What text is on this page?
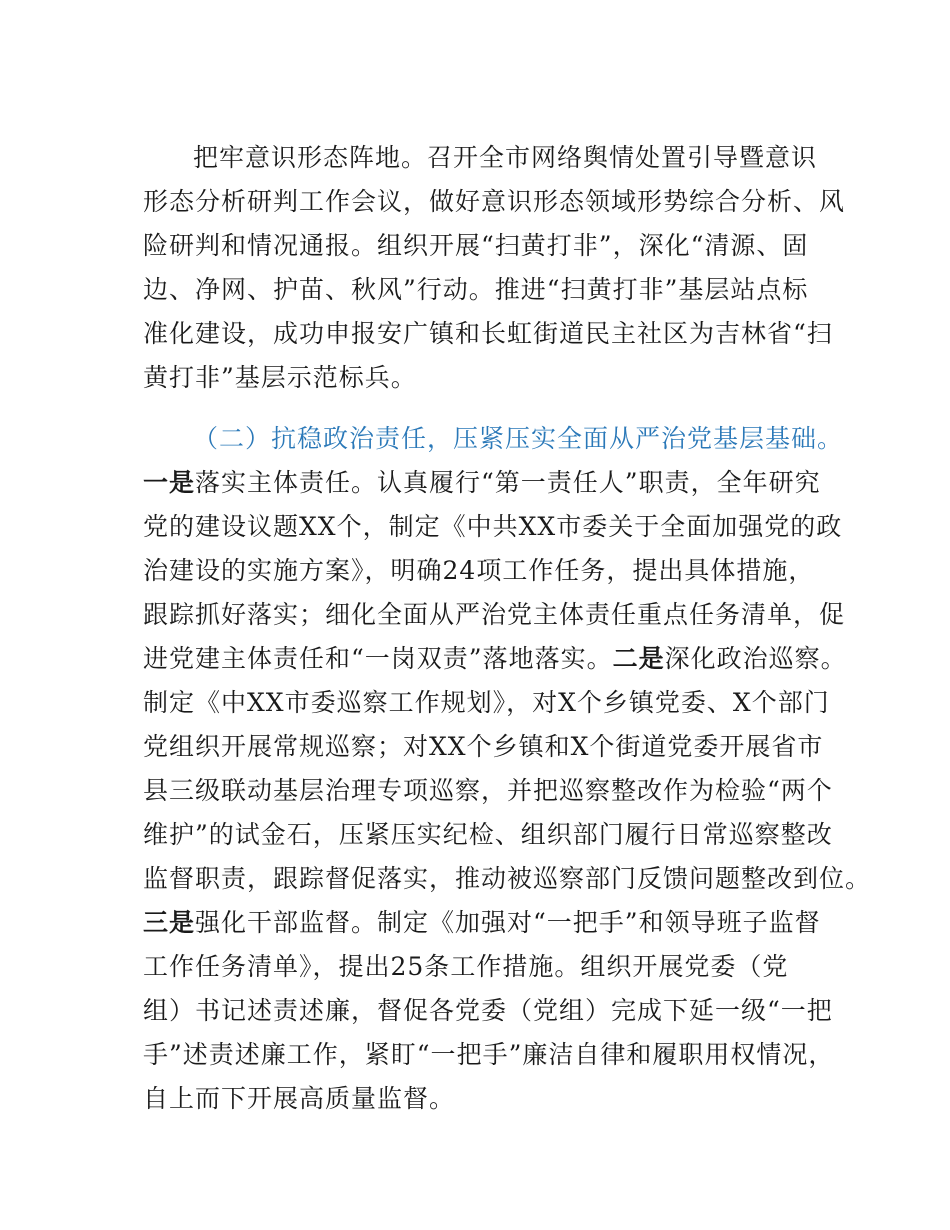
把牢意识形态阵地。召开全市网络舆情处置引导暨意识
形态分析研判工作会议，做好意识形态领域形势综合分析、风
险研判和情况通报。组织开展“扫黄打非”，深化“清源、固
边、净网、护苗、秋风”行动。推进“扫黄打非”基层站点标
准化建设，成功申报安广镇和长虹街道民主社区为吉林省“扫
黄打非”基层示范标兵。
（二）抗稳政治责任，压紧压实全面从严治党基层基础。
一是落实主体责任。认真履行“第一责任人”职责，全年研究
党的建设议题XX个，制定《中共XX市委关于全面加强党的政
治建设的实施方案》，明确24项工作任务，提出具体措施，
跟踪抓好落实；细化全面从严治党主体责任重点任务清单，促
进党建主体责任和“一岗双责”落地落实。二是深化政治巡察。
制定《中XX市委巡察工作规划》，对X个乡镇党委、X个部门
党组织开展常规巡察；对XX个乡镇和X个街道党委开展省市
县三级联动基层治理专项巡察，并把巡察整改作为检验“两个
维护”的试金石，压紧压实纪检、组织部门履行日常巡察整改
监督职责，跟踪督促落实，推动被巡察部门反馈问题整改到位。
三是强化干部监督。制定《加强对“一把手”和领导班子监督
工作任务清单》，提出25条工作措施。组织开展党委（党
组）书记述责述廉，督促各党委（党组）完成下延一级“一把
手”述责述廉工作，紧盯“一把手”廉洁自律和履职用权情况，
自上而下开展高质量监督。
